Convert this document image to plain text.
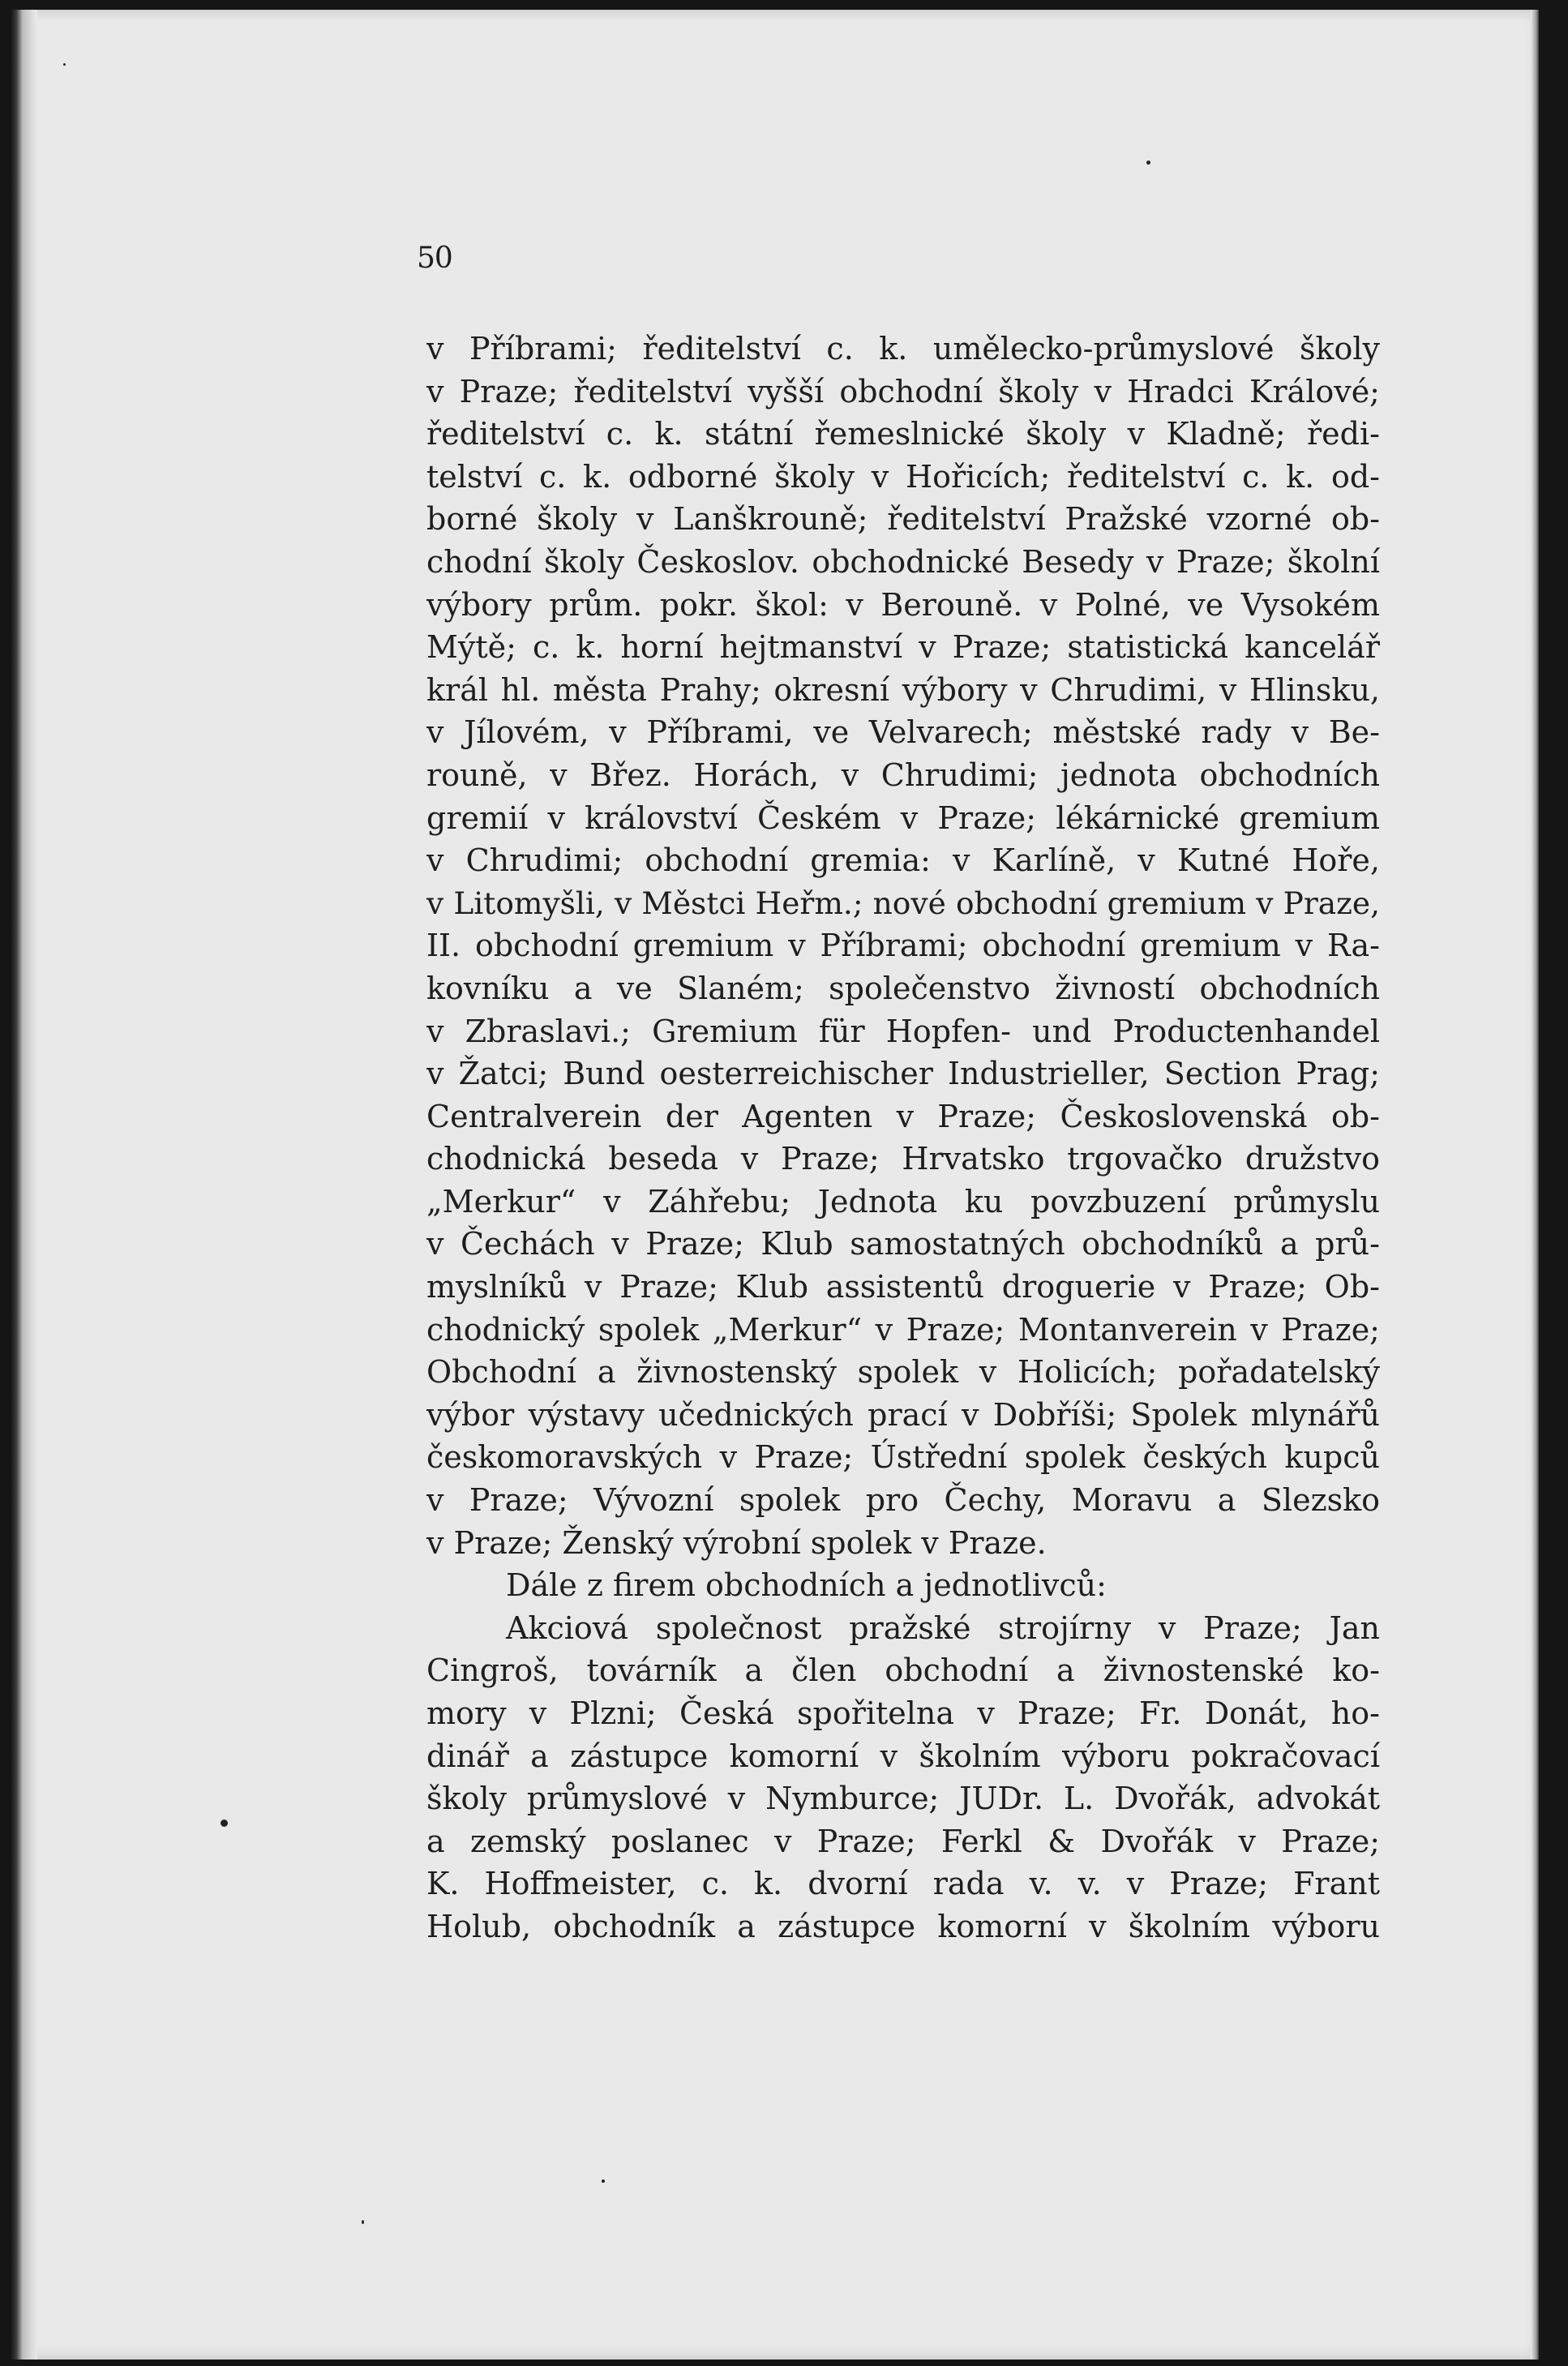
50
v Příbrami; ředitelství c. k. umělecko-průmyslové školy
v Praze; ředitelství vyšší obchodní školy v Hradci Králové;
ředitelství c. k. státní řemeslnické školy v Kladně; ředi-
telství c. k. odborné školy v Hořicích; ředitelství c. k. od-
borné školy v Lanškrouně; ředitelství Pražské vzorné ob-
chodní školy Českoslov. obchodnické Besedy v Praze; školní
výbory prům. pokr. škol: v Berouně. v Polné, ve Vysokém
Mýtě; c. k. horní hejtmanství v Praze; statistická kancelář
král hl. města Prahy; okresní výbory v Chrudimi, v Hlinsku,
v Jílovém, v Příbrami, ve Velvarech; městské rady v Be-
rouně, v Břez. Horách, v Chrudimi; jednota obchodních
gremií v království Českém v Praze; lékárnické gremium
v Chrudimi; obchodní gremia: v Karlíně, v Kutné Hoře,
v Litomyšli, v Městci Heřm.; nové obchodní gremium v Praze,
II. obchodní gremium v Příbrami; obchodní gremium v Ra-
kovníku a ve Slaném; společenstvo živností obchodních
v Zbraslavi.; Gremium für Hopfen- und Productenhandel
v Žatci; Bund oesterreichischer Industrieller, Section Prag;
Centralverein der Agenten v Praze; Československá ob-
chodnická beseda v Praze; Hrvatsko trgovačko družstvo
„Merkur“ v Záhřebu; Jednota ku povzbuzení průmyslu
v Čechách v Praze; Klub samostatných obchodníků a prů-
myslníků v Praze; Klub assistentů droguerie v Praze; Ob-
chodnický spolek „Merkur“ v Praze; Montanverein v Praze;
Obchodní a živnostenský spolek v Holicích; pořadatelský
výbor výstavy učednických prací v Dobříši; Spolek mlynářů
českomoravských v Praze; Ústřední spolek českých kupců
v Praze; Vývozní spolek pro Čechy, Moravu a Slezsko
v Praze; Ženský výrobní spolek v Praze.
Dále z firem obchodních a jednotlivců:
Akciová společnost pražské strojírny v Praze; Jan
Cingroš, továrník a člen obchodní a živnostenské ko-
mory v Plzni; Česká spořitelna v Praze; Fr. Donát, ho-
dinář a zástupce komorní v školním výboru pokračovací
školy průmyslové v Nymburce; JUDr. L. Dvořák, advokát
a zemský poslanec v Praze; Ferkl & Dvořák v Praze;
K. Hoffmeister, c. k. dvorní rada v. v. v Praze; Frant
Holub, obchodník a zástupce komorní v školním výboru
